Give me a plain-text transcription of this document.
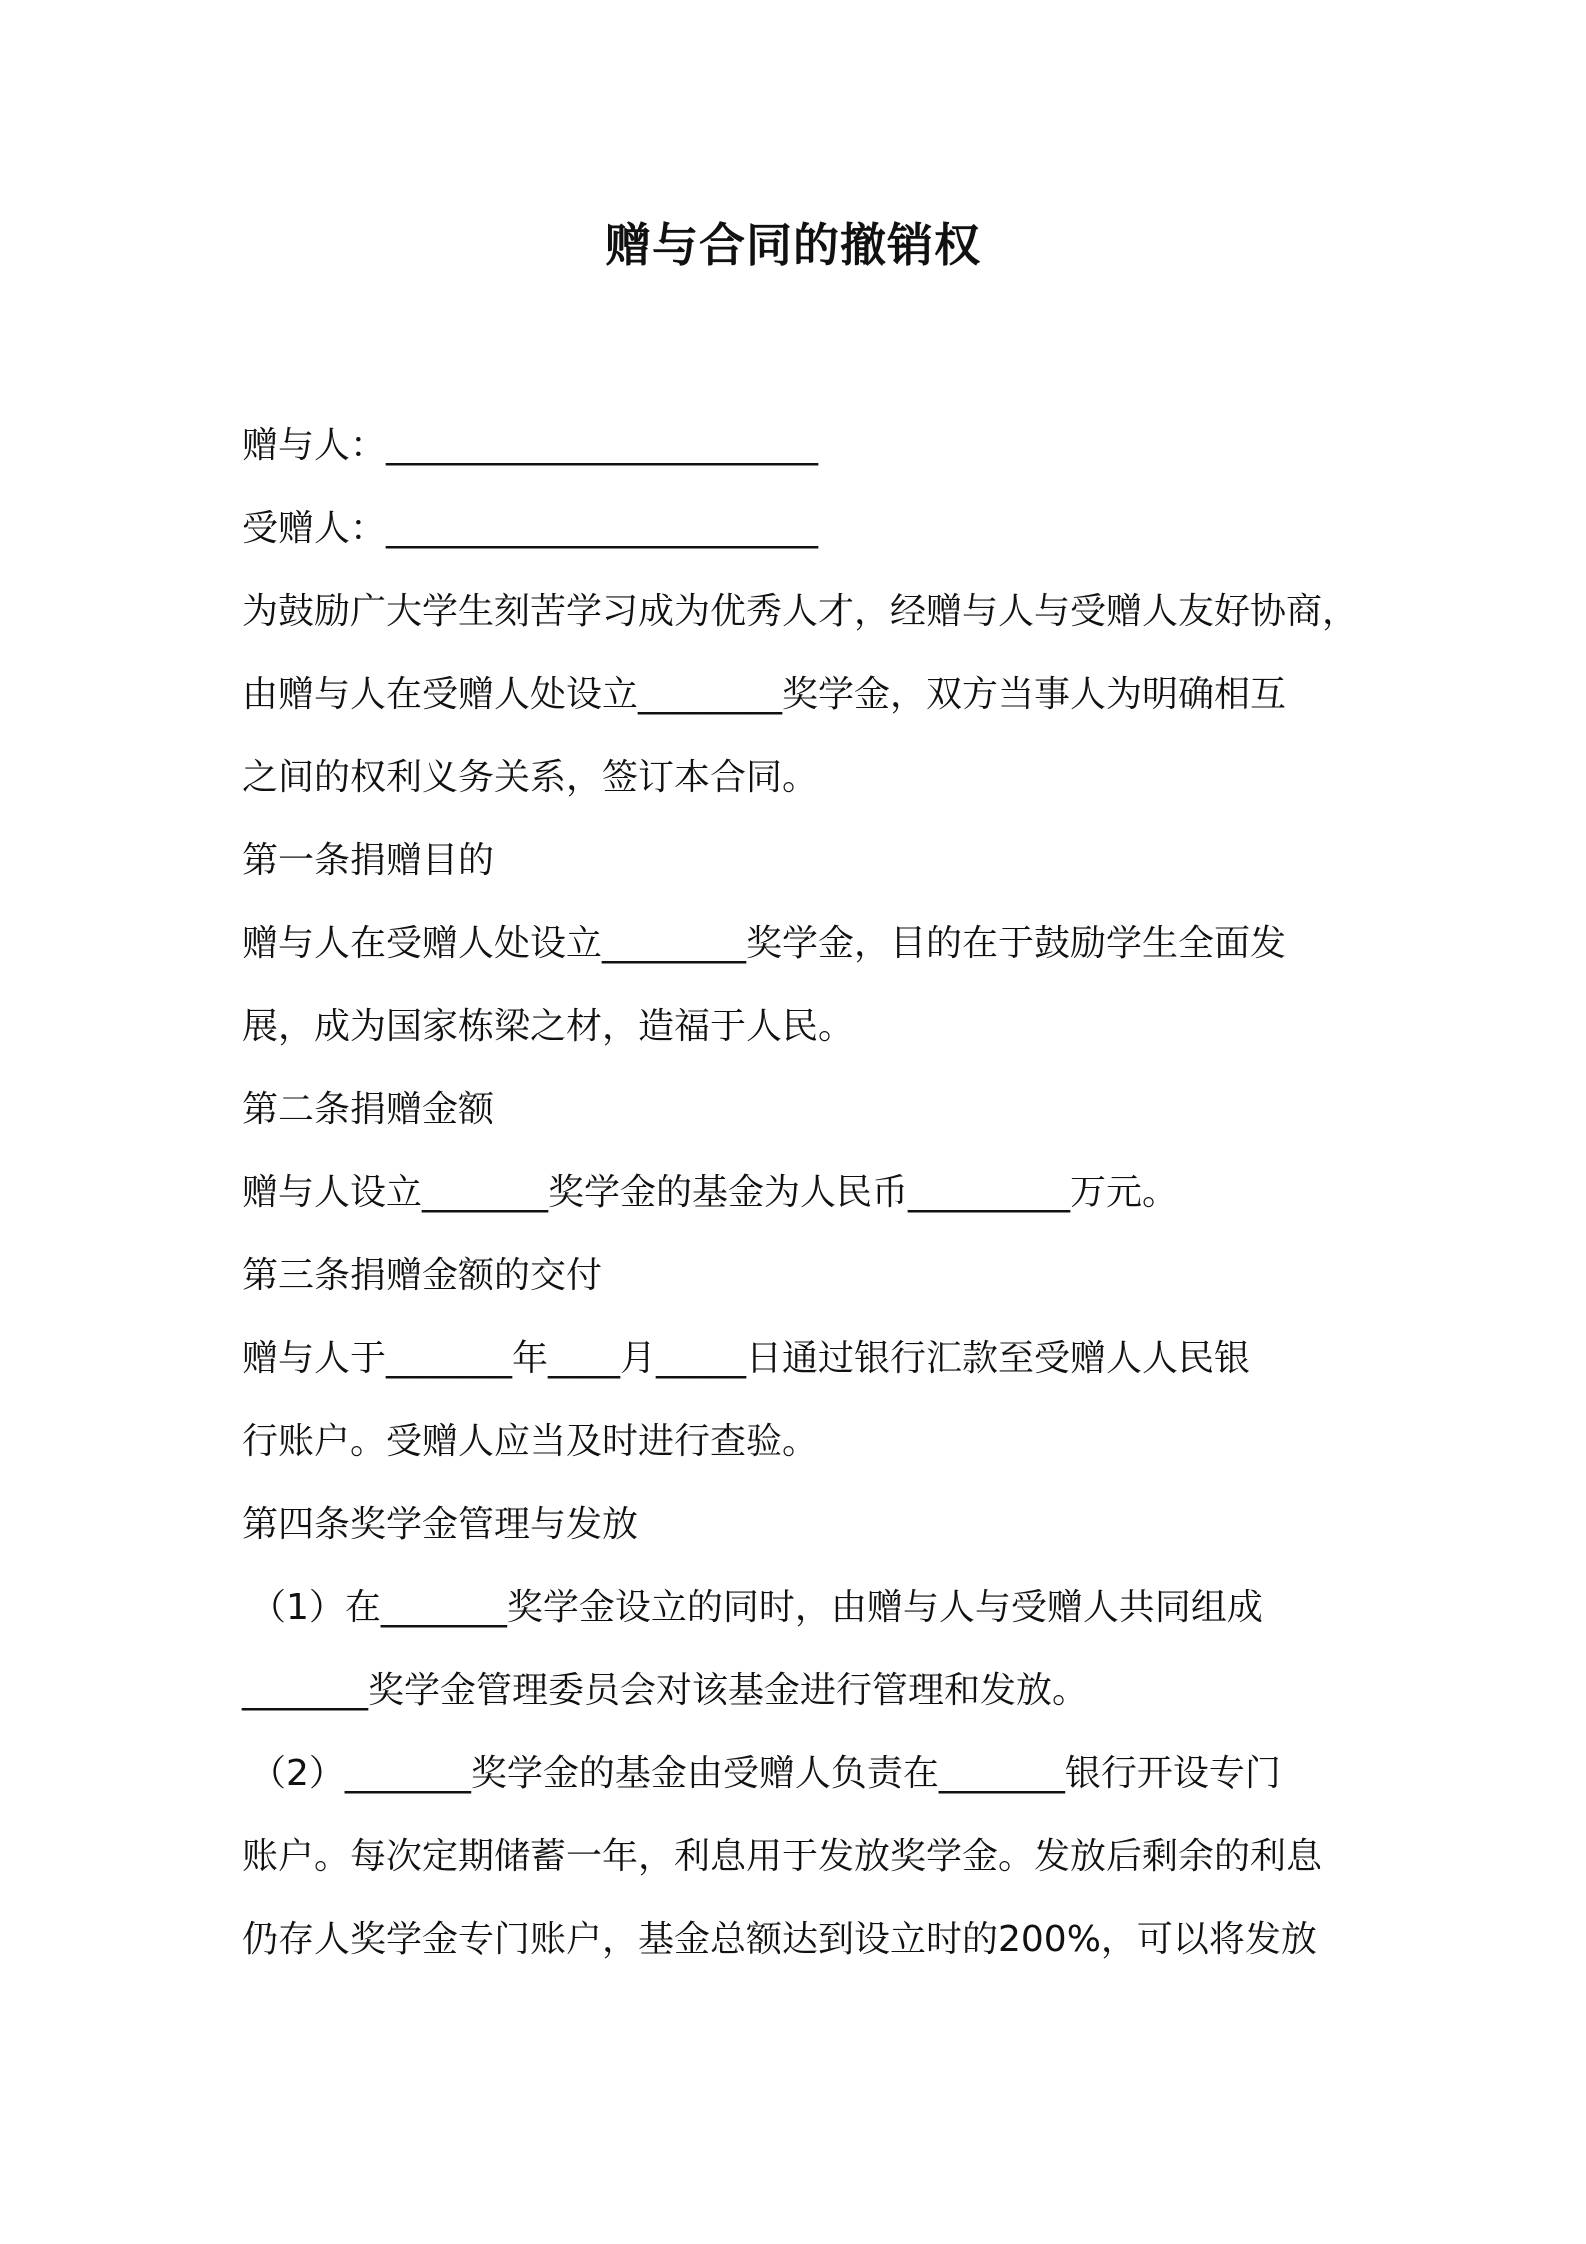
赠与合同的撤销权
赠与人：________________________
受赠人：________________________
为鼓励广大学生刻苦学习成为优秀人才，经赠与人与受赠人友好协商，
由赠与人在受赠人处设立________奖学金，双方当事人为明确相互
之间的权利义务关系，签订本合同。
第一条捐赠目的
赠与人在受赠人处设立________奖学金，目的在于鼓励学生全面发
展，成为国家栋梁之材，造福于人民。
第二条捐赠金额
赠与人设立_______奖学金的基金为人民币_________万元。
第三条捐赠金额的交付
赠与人于_______年____月_____日通过银行汇款至受赠人人民银
行账户。受赠人应当及时进行查验。
第四条奖学金管理与发放
（1）在_______奖学金设立的同时，由赠与人与受赠人共同组成
_______奖学金管理委员会对该基金进行管理和发放。
（2）_______奖学金的基金由受赠人负责在_______银行开设专门
账户。每次定期储蓄一年，利息用于发放奖学金。发放后剩余的利息
仍存人奖学金专门账户，基金总额达到设立时的200%，可以将发放
